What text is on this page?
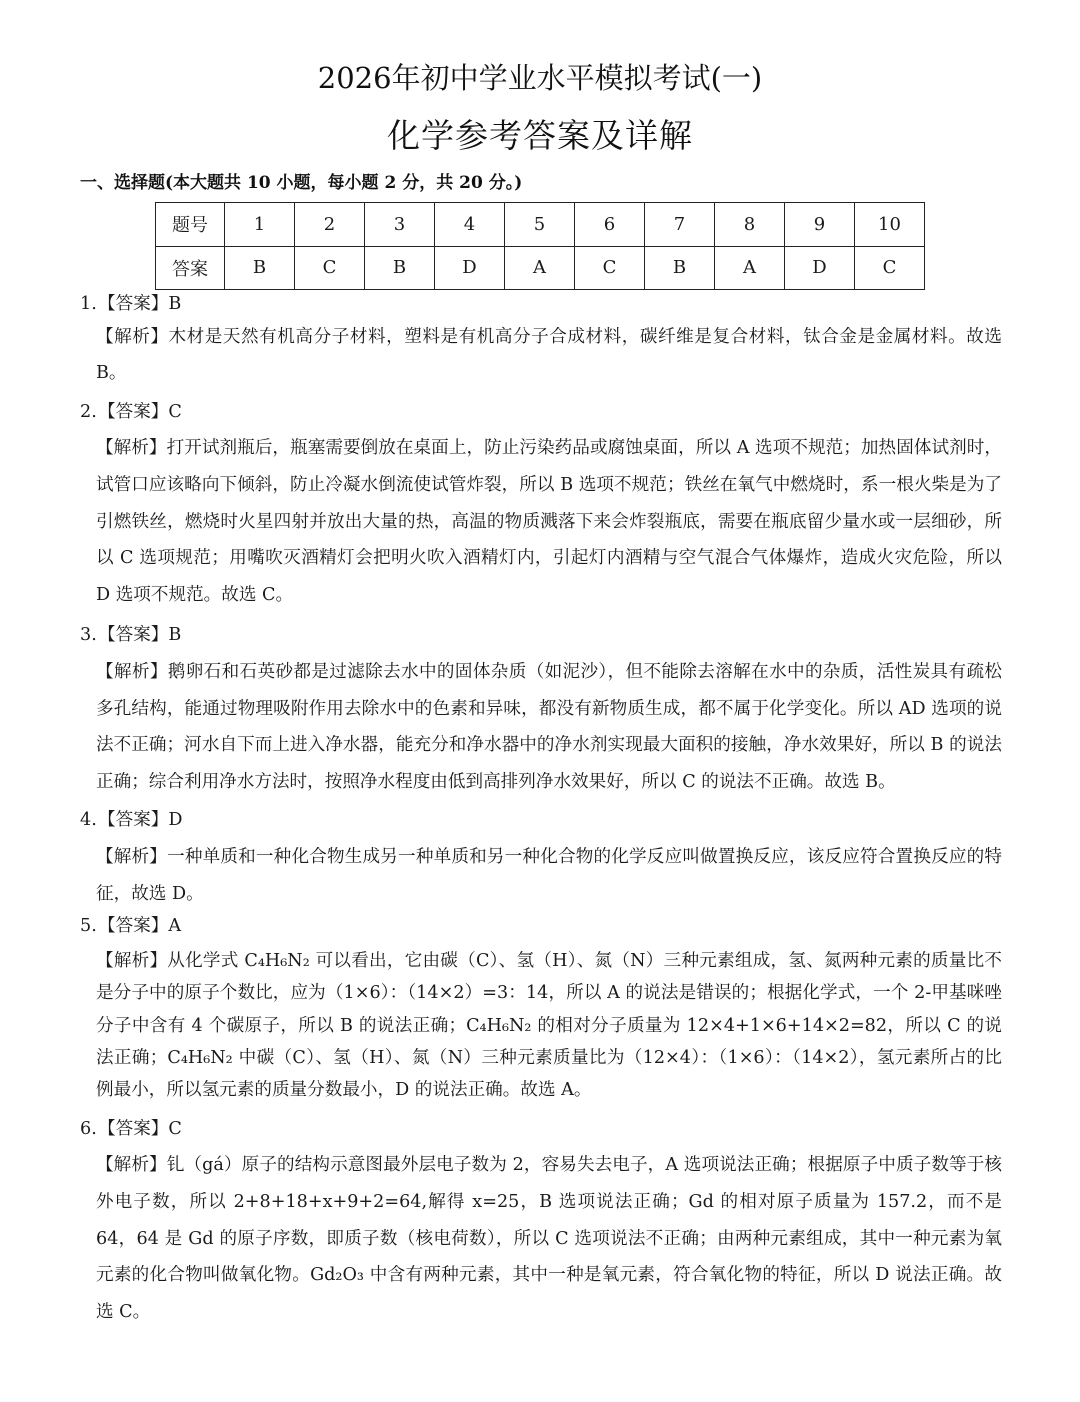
2026年初中学业水平模拟考试(一)
化学参考答案及详解
一、选择题(本大题共 10 小题，每小题 2 分，共 20 分。)
题号	1	2	3	4	5	6	7	8	9	10
答案	B	C	B	D	A	C	B	A	D	C
1.【答案】B
【解析】木材是天然有机高分子材料，塑料是有机高分子合成材料，碳纤维是复合材料，钛合金是金属材料。故选 B。
2.【答案】C
【解析】打开试剂瓶后，瓶塞需要倒放在桌面上，防止污染药品或腐蚀桌面，所以 A 选项不规范；加热固体试剂时，试管口应该略向下倾斜，防止冷凝水倒流使试管炸裂，所以 B 选项不规范；铁丝在氧气中燃烧时，系一根火柴是为了引燃铁丝，燃烧时火星四射并放出大量的热，高温的物质溅落下来会炸裂瓶底，需要在瓶底留少量水或一层细砂，所以 C 选项规范；用嘴吹灭酒精灯会把明火吹入酒精灯内，引起灯内酒精与空气混合气体爆炸，造成火灾危险，所以 D 选项不规范。故选 C。
3.【答案】B
【解析】鹅卵石和石英砂都是过滤除去水中的固体杂质（如泥沙），但不能除去溶解在水中的杂质，活性炭具有疏松多孔结构，能通过物理吸附作用去除水中的色素和异味，都没有新物质生成，都不属于化学变化。所以 AD 选项的说法不正确；河水自下而上进入净水器，能充分和净水器中的净水剂实现最大面积的接触，净水效果好，所以 B 的说法正确；综合利用净水方法时，按照净水程度由低到高排列净水效果好，所以 C 的说法不正确。故选 B。
4.【答案】D
【解析】一种单质和一种化合物生成另一种单质和另一种化合物的化学反应叫做置换反应，该反应符合置换反应的特征，故选 D。
5.【答案】A
【解析】从化学式 C₄H₆N₂ 可以看出，它由碳（C）、氢（H）、氮（N）三种元素组成，氢、氮两种元素的质量比不是分子中的原子个数比，应为（1×6）：（14×2）=3：14，所以 A 的说法是错误的；根据化学式，一个 2-甲基咪唑分子中含有 4 个碳原子，所以 B 的说法正确；C₄H₆N₂ 的相对分子质量为 12×4+1×6+14×2=82，所以 C 的说法正确；C₄H₆N₂ 中碳（C）、氢（H）、氮（N）三种元素质量比为（12×4）：（1×6）：（14×2），氢元素所占的比例最小，所以氢元素的质量分数最小，D 的说法正确。故选 A。
6.【答案】C
【解析】钆（gá）原子的结构示意图最外层电子数为 2，容易失去电子，A 选项说法正确；根据原子中质子数等于核外电子数，所以 2+8+18+x+9+2=64,解得 x=25，B 选项说法正确；Gd 的相对原子质量为 157.2，而不是 64，64 是 Gd 的原子序数，即质子数（核电荷数），所以 C 选项说法不正确；由两种元素组成，其中一种元素为氧元素的化合物叫做氧化物。Gd₂O₃ 中含有两种元素，其中一种是氧元素，符合氧化物的特征，所以 D 说法正确。故选 C。
